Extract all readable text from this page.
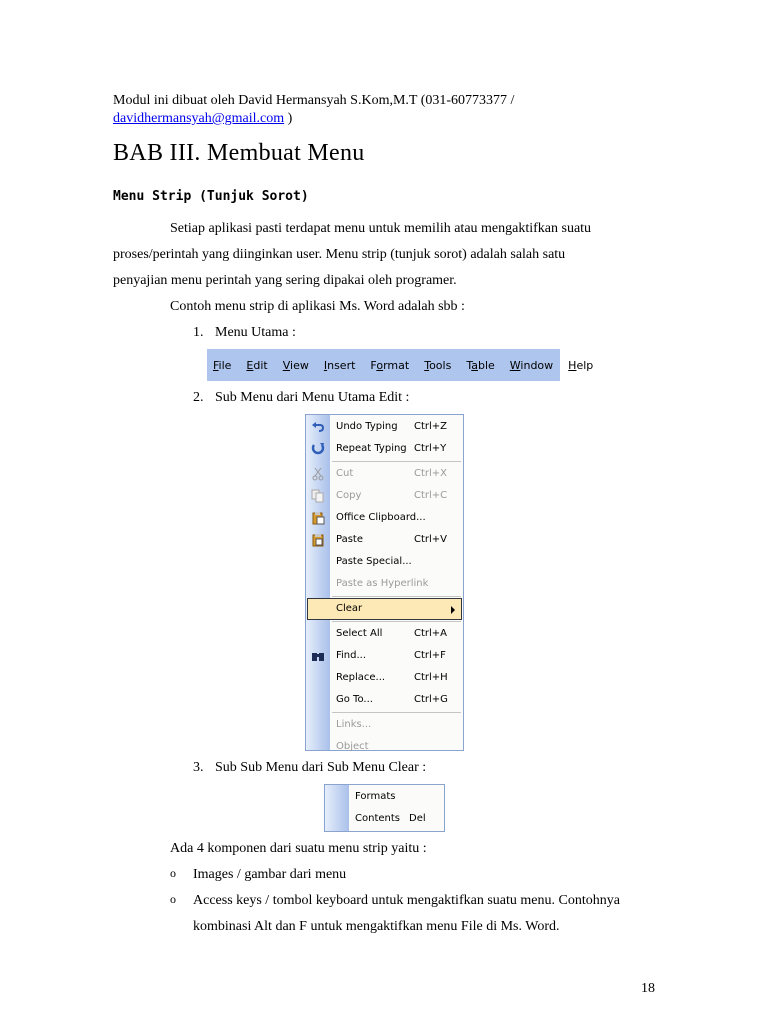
Modul ini dibuat oleh David Hermansyah S.Kom,M.T (031-60773377 /
davidhermansyah@gmail.com )
BAB III. Membuat Menu
Menu Strip (Tunjuk Sorot)
Setiap aplikasi pasti terdapat menu untuk memilih atau mengaktifkan suatu
proses/perintah yang diinginkan user. Menu strip (tunjuk sorot) adalah salah satu
penyajian menu perintah yang sering dipakai oleh programer.
Contoh menu strip di aplikasi Ms. Word adalah sbb :
1. Menu Utama :
File Edit View Insert Format Tools Table Window Help
2. Sub Menu dari Menu Utama Edit :
Undo Typing Ctrl+Z
Repeat Typing Ctrl+Y
Cut	Ctrl+X
Copy	Ctrl+C
Office Clipboard...
Paste	Ctrl+V
Paste Special...
Paste as Hyperlink
Clear
Select All	Ctrl+A
Find...	Ctrl+F
Replace...	Ctrl+H
Go To...	Ctrl+G
Links...
Object
3. Sub Sub Menu dari Sub Menu Clear :
Formats
Contents Del
Ada 4 komponen dari suatu menu strip yaitu :
o Images / gambar dari menu
o Access keys / tombol keyboard untuk mengaktifkan suatu menu. Contohnya
kombinasi Alt dan F untuk mengaktifkan menu File di Ms. Word.
18
